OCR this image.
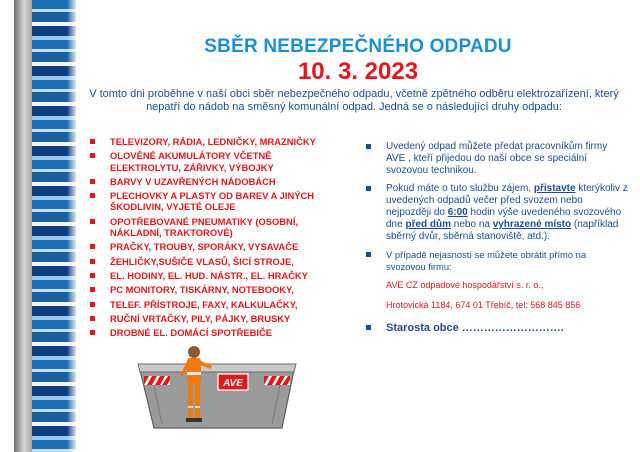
SBĚR NEBEZPEČNÉHO ODPADU
10. 3. 2023
V tomto dni proběhne v naší obci sběr nebezpečného odpadu, včetně zpětného odběru elektrozařízení, který nepatří do nádob na směsný komunální odpad. Jedná se o následující druhy odpadu:
TELEVIZORY, RÁDIA, LEDNIČKY, MRAZNIČKY
OLOVĚNÉ AKUMULÁTORY VČETNĚ ELEKTROLYTU, ZÁŘIVKY, VÝBOJKY
BARVY V UZAVŘENÝCH NÁDOBÁCH
PLECHOVKY A PLASTY OD BAREV A JINÝCH ŠKODLIVIN, VYJETÉ OLEJE
OPOTŘEBOVANÉ PNEUMATIKY (OSOBNÍ, NÁKLADNÍ, TRAKTOROVÉ)
PRAČKY, TROUBY, SPORÁKY, VYSAVAČE
ŽEHLIČKY,SUŠIČE VLASŮ, ŠICÍ STROJE,
EL. HODINY, EL. HUD. NÁSTR., EL. HRAČKY
PC MONITORY, TISKÁRNY, NOTEBOOKY,
TELEF. PŘÍSTROJE, FAXY, KALKULAČKY,
RUČNÍ VRTAČKY, PILY, PÁJKY, BRUSKY
DROBNÉ EL. DOMÁCÍ SPOTŘEBIČE
Uvedený odpad můžete předat pracovníkům firmy AVE , kteří přijedou do naší obce se speciální svozovou technikou.
Pokud máte o tuto službu zájem, přistavte kterýkoliv z uvedených odpadů večer před svozem nebo nejpozději do 6:00 hodin výše uvedeného svozového dne před dům nebo na vyhrazené místo (například sběrný dvůr, sběrná stanoviště, atd.).
V případě nejasností se můžete obrátit přímo na svozovou firmu:
AVE CZ odpadové hospodářství s. r. o.,
Hrotovická 1184, 674 01 Třebíč, tel: 568 845 856
Starosta obce ……………………….
AVE
